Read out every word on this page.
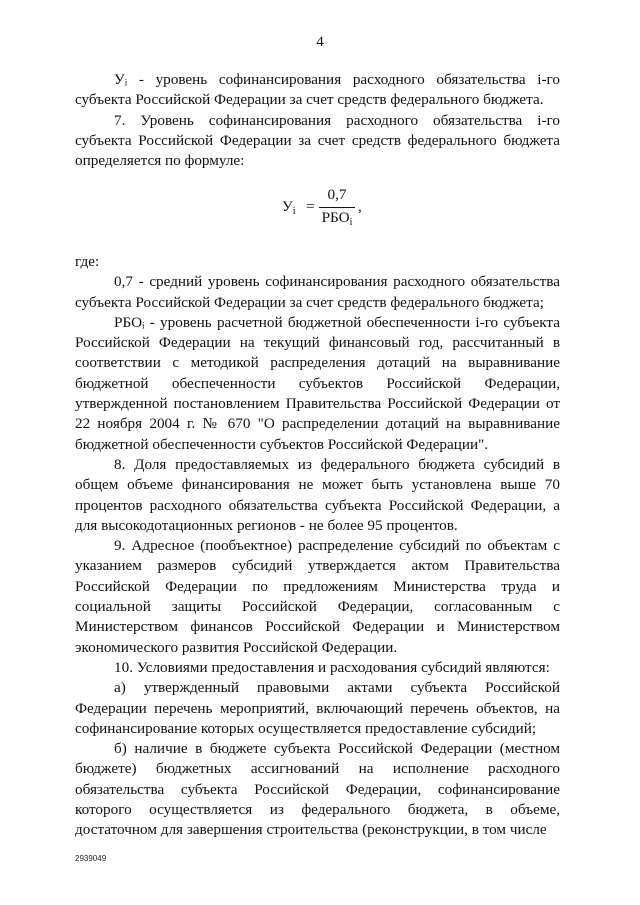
4

Уᵢ - уровень софинансирования расходного обязательства i-го субъекта Российской Федерации за счет средств федерального бюджета.

7. Уровень софинансирования расходного обязательства i-го субъекта Российской Федерации за счет средств федерального бюджета определяется по формуле:

$У_i$ =
0,7
$РБО_i$
,

где:

0,7 - средний уровень софинансирования расходного обязательства субъекта Российской Федерации за счет средств федерального бюджета;

РБОᵢ - уровень расчетной бюджетной обеспеченности i-го субъекта Российской Федерации на текущий финансовый год, рассчитанный в соответствии с методикой распределения дотаций на выравнивание бюджетной обеспеченности субъектов Российской Федерации, утвержденной постановлением Правительства Российской Федерации от 22 ноября 2004 г. № 670 "О распределении дотаций на выравнивание бюджетной обеспеченности субъектов Российской Федерации".

8. Доля предоставляемых из федерального бюджета субсидий в общем объеме финансирования не может быть установлена выше 70 процентов расходного обязательства субъекта Российской Федерации, а для высокодотационных регионов - не более 95 процентов.

9. Адресное (пообъектное) распределение субсидий по объектам с указанием размеров субсидий утверждается актом Правительства Российской Федерации по предложениям Министерства труда и социальной защиты Российской Федерации, согласованным с Министерством финансов Российской Федерации и Министерством экономического развития Российской Федерации.

10. Условиями предоставления и расходования субсидий являются:

а) утвержденный правовыми актами субъекта Российской Федерации перечень мероприятий, включающий перечень объектов, на софинансирование которых осуществляется предоставление субсидий;

б) наличие в бюджете субъекта Российской Федерации (местном бюджете) бюджетных ассигнований на исполнение расходного обязательства субъекта Российской Федерации, софинансирование которого осуществляется из федерального бюджета, в объеме, достаточном для завершения строительства (реконструкции, в том числе

2939049
